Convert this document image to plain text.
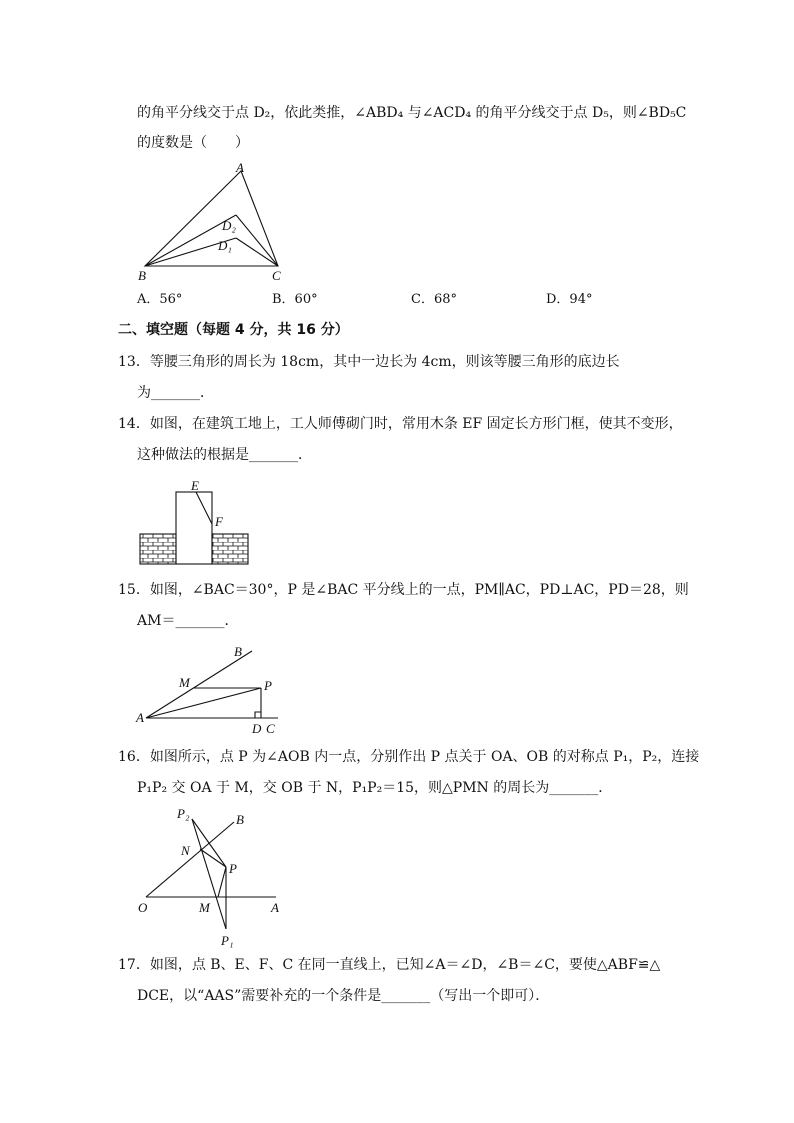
的角平分线交于点 D₂，依此类推，∠ABD₄ 与∠ACD₄ 的角平分线交于点 D₅，则∠BD₅C
的度数是（　　）
A
B	C
D₂
D₁
A．56°	B．60°	C．68°	D．94°
二、填空题（每题 4 分，共 16 分）
13．等腰三角形的周长为 18cm，其中一边长为 4cm，则该等腰三角形的底边长
为_______．
14．如图，在建筑工地上，工人师傅砌门时，常用木条 EF 固定长方形门框，使其不变形，
这种做法的根据是_______．
E
F
15．如图，∠BAC＝30°，P 是∠BAC 平分线上的一点，PM∥AC，PD⊥AC，PD＝28，则
AM＝_______．
A
B
M	P
D C
16．如图所示，点 P 为∠AOB 内一点，分别作出 P 点关于 OA、OB 的对称点 P₁，P₂，连接
P₁P₂ 交 OA 于 M，交 OB 于 N，P₁P₂＝15，则△PMN 的周长为_______．
P₂	B
N
P
O	M	A
P₁
17．如图，点 B、E、F、C 在同一直线上，已知∠A＝∠D，∠B＝∠C，要使△ABF≌△
DCE，以“AAS”需要补充的一个条件是_______（写出一个即可）．
